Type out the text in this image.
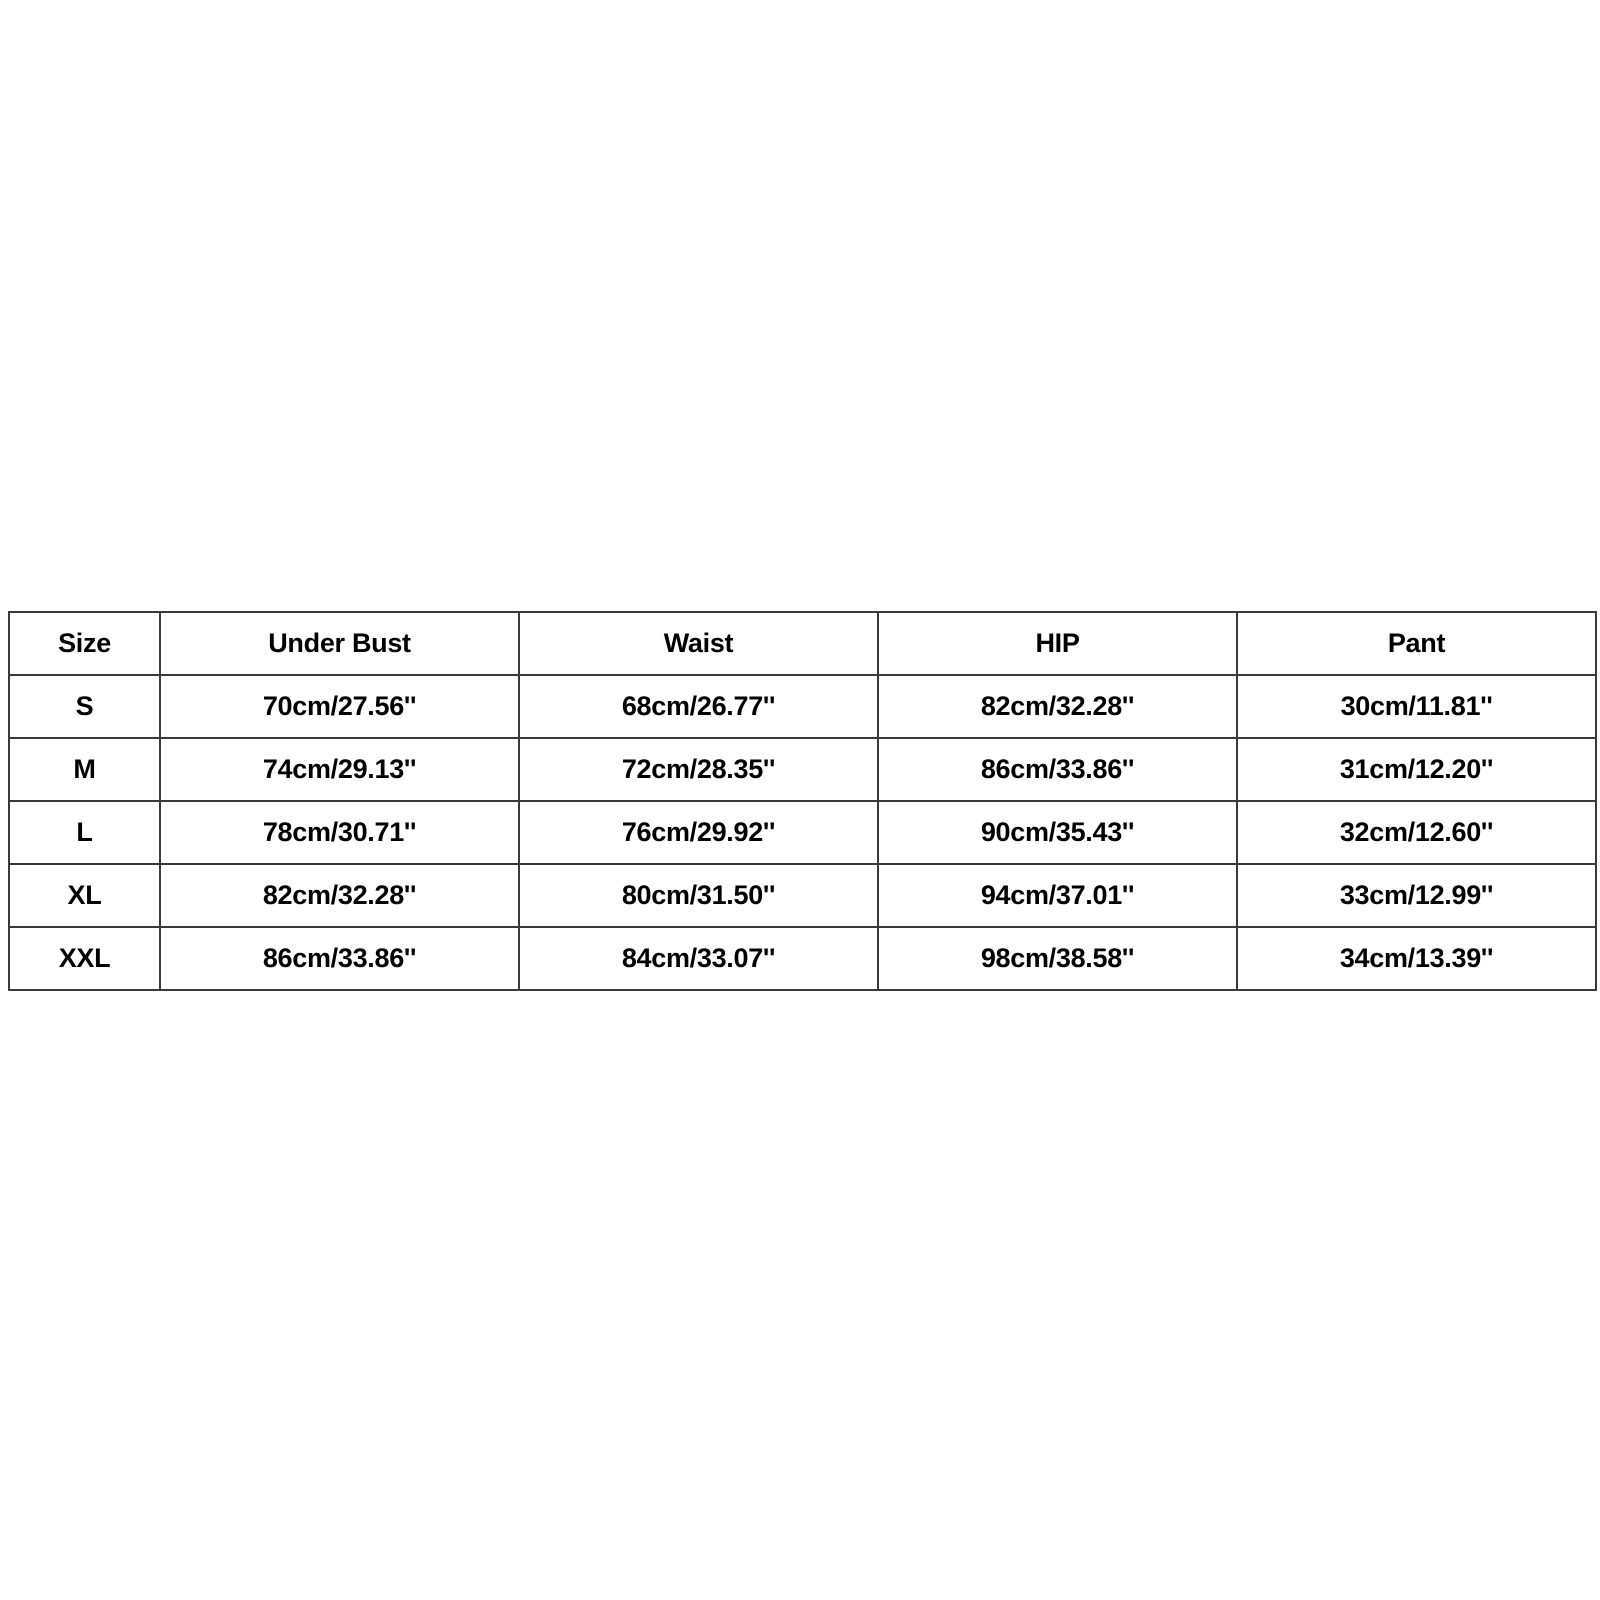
Size	Under Bust	Waist	HIP	Pant
S	70cm/27.56''	68cm/26.77''	82cm/32.28''	30cm/11.81''
M	74cm/29.13''	72cm/28.35''	86cm/33.86''	31cm/12.20''
L	78cm/30.71''	76cm/29.92''	90cm/35.43''	32cm/12.60''
XL	82cm/32.28''	80cm/31.50''	94cm/37.01''	33cm/12.99''
XXL	86cm/33.86''	84cm/33.07''	98cm/38.58''	34cm/13.39''
